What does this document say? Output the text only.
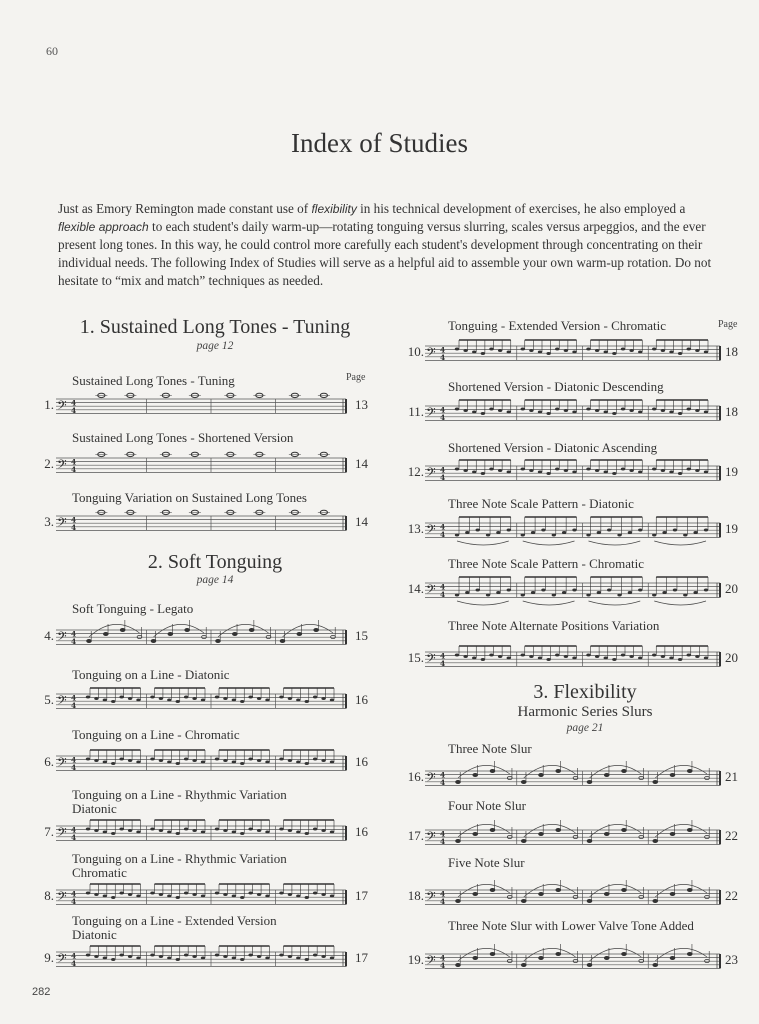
60
Index of Studies
Just as Emory Remington made constant use of flexibility in his technical development of exercises, he also employed a flexible approach to each student's daily warm-up—rotating tonguing versus slurring, scales versus arpeggios, and the ever present long tones. In this way, he could control more carefully each student's development through concentrating on their individual needs. The following Index of Studies will serve as a helpful aid to assemble your own warm-up rotation. Do not hesitate to “mix and match” techniques as needed.
1. Sustained Long Tones - Tuning
page 12
Page
2. Soft Tonguing
page 14
Page
3. Flexibility
Harmonic Series Slurs
page 21
Sustained Long Tones - Tuning
1.	13
𝄢 4
4
Sustained Long Tones - Shortened Version
2.	14
𝄢 4
4
Tonguing Variation on Sustained Long Tones
3.	14
𝄢 4
4
Soft Tonguing - Legato
4.	15
𝄢 4
4
Tonguing on a Line - Diatonic
5.	16
𝄢 4
4
Tonguing on a Line - Chromatic
6.	16
𝄢 4
4
Tonguing on a Line - Rhythmic Variation
Diatonic
7.	16
𝄢 4
4
Tonguing on a Line - Rhythmic Variation
Chromatic
8.	17
𝄢 4
4
Tonguing on a Line - Extended Version
Diatonic
9.	17
𝄢 4
4
Tonguing - Extended Version - Chromatic
10.	18
𝄢 4
4
Shortened Version - Diatonic Descending
11.	18
𝄢 4
4
Shortened Version - Diatonic Ascending
12.	19
𝄢 4
4
Three Note Scale Pattern - Diatonic
13.	19
𝄢 4
4
Three Note Scale Pattern - Chromatic
14.	20
𝄢 4
4
Three Note Alternate Positions Variation
15.	20
𝄢 4
4
Three Note Slur
16.	21
𝄢 4
4
Four Note Slur
17.	22
𝄢 4
4
Five Note Slur
18.	22
𝄢 4
4
Three Note Slur with Lower Valve Tone Added
19.	23
𝄢 4
4
282
